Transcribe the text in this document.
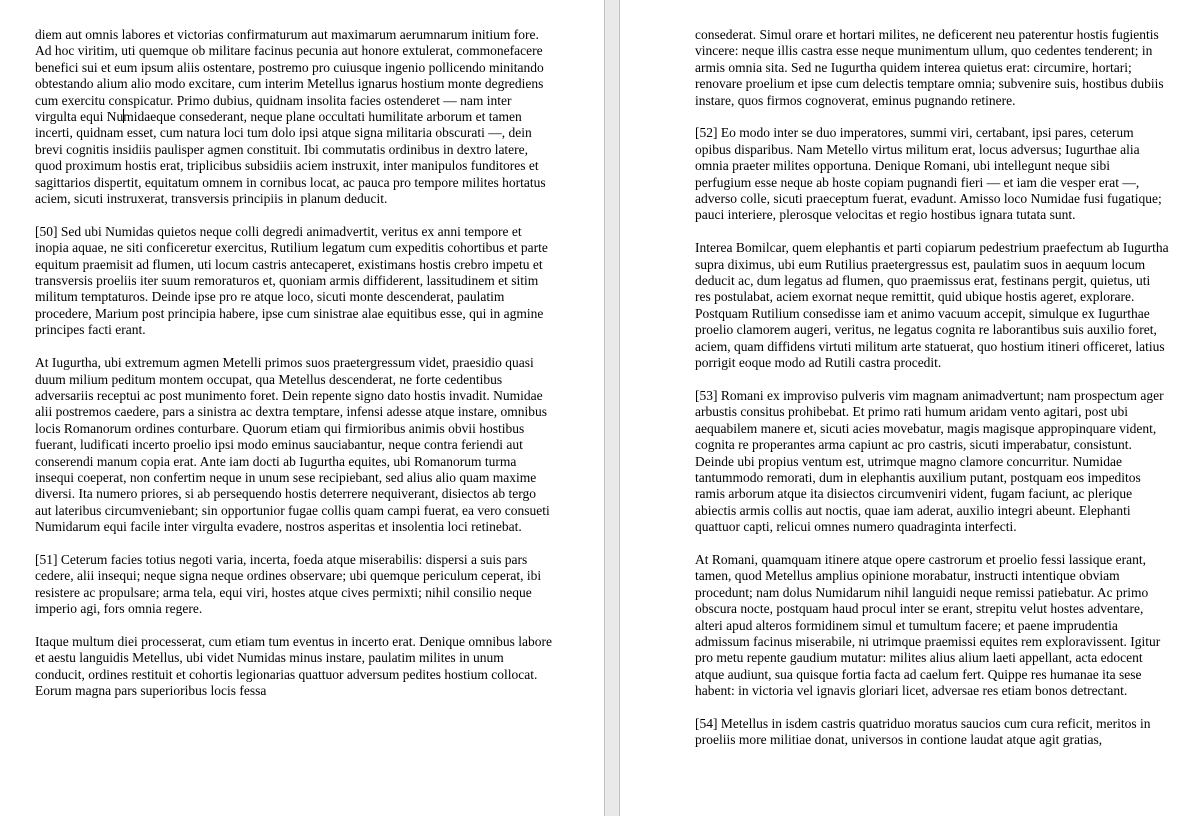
diem aut omnis labores et victorias confirmaturum aut maximarum aerumnarum initium fore. Ad hoc viritim, uti quemque ob militare facinus pecunia aut honore extulerat, commonefacere benefici sui et eum ipsum aliis ostentare, postremo pro cuiusque ingenio pollicendo minitando obtestando alium alio modo excitare, cum interim Metellus ignarus hostium monte degrediens cum exercitu conspicatur. Primo dubius, quidnam insolita facies ostenderet — nam inter virgulta equi Numidaeque consederant, neque plane occultati humilitate arborum et tamen incerti, quidnam esset, cum natura loci tum dolo ipsi atque signa militaria obscurati —, dein brevi cognitis insidiis paulisper agmen constituit. Ibi commutatis ordinibus in dextro latere, quod proximum hostis erat, triplicibus subsidiis aciem instruxit, inter manipulos funditores et sagittarios dispertit, equitatum omnem in cornibus locat, ac pauca pro tempore milites hortatus aciem, sicuti instruxerat, transversis principiis in planum deducit.

[50] Sed ubi Numidas quietos neque colli degredi animadvertit, veritus ex anni tempore et inopia aquae, ne siti conficeretur exercitus, Rutilium legatum cum expeditis cohortibus et parte equitum praemisit ad flumen, uti locum castris antecaperet, existimans hostis crebro impetu et transversis proeliis iter suum remoraturos et, quoniam armis diffiderent, lassitudinem et sitim militum temptaturos. Deinde ipse pro re atque loco, sicuti monte descenderat, paulatim procedere, Marium post principia habere, ipse cum sinistrae alae equitibus esse, qui in agmine principes facti erant.

At Iugurtha, ubi extremum agmen Metelli primos suos praetergressum videt, praesidio quasi duum milium peditum montem occupat, qua Metellus descenderat, ne forte cedentibus adversariis receptui ac post munimento foret. Dein repente signo dato hostis invadit. Numidae alii postremos caedere, pars a sinistra ac dextra temptare, infensi adesse atque instare, omnibus locis Romanorum ordines conturbare. Quorum etiam qui firmioribus animis obvii hostibus fuerant, ludificati incerto proelio ipsi modo eminus sauciabantur, neque contra feriendi aut conserendi manum copia erat. Ante iam docti ab Iugurtha equites, ubi Romanorum turma insequi coeperat, non confertim neque in unum sese recipiebant, sed alius alio quam maxime diversi. Ita numero priores, si ab persequendo hostis deterrere nequiverant, disiectos ab tergo aut lateribus circumveniebant; sin opportunior fugae collis quam campi fuerat, ea vero consueti Numidarum equi facile inter virgulta evadere, nostros asperitas et insolentia loci retinebat.

[51] Ceterum facies totius negoti varia, incerta, foeda atque miserabilis: dispersi a suis pars cedere, alii insequi; neque signa neque ordines observare; ubi quemque periculum ceperat, ibi resistere ac propulsare; arma tela, equi viri, hostes atque cives permixti; nihil consilio neque imperio agi, fors omnia regere.

Itaque multum diei processerat, cum etiam tum eventus in incerto erat. Denique omnibus labore et aestu languidis Metellus, ubi videt Numidas minus instare, paulatim milites in unum conducit, ordines restituit et cohortis legionarias quattuor adversum pedites hostium collocat. Eorum magna pars superioribus locis fessa

consederat. Simul orare et hortari milites, ne deficerent neu paterentur hostis fugientis vincere: neque illis castra esse neque munimentum ullum, quo cedentes tenderent; in armis omnia sita. Sed ne Iugurtha quidem interea quietus erat: circumire, hortari; renovare proelium et ipse cum delectis temptare omnia; subvenire suis, hostibus dubiis instare, quos firmos cognoverat, eminus pugnando retinere.

[52] Eo modo inter se duo imperatores, summi viri, certabant, ipsi pares, ceterum opibus disparibus. Nam Metello virtus militum erat, locus adversus; Iugurthae alia omnia praeter milites opportuna. Denique Romani, ubi intellegunt neque sibi perfugium esse neque ab hoste copiam pugnandi fieri — et iam die vesper erat —, adverso colle, sicuti praeceptum fuerat, evadunt. Amisso loco Numidae fusi fugatique; pauci interiere, plerosque velocitas et regio hostibus ignara tutata sunt.

Interea Bomilcar, quem elephantis et parti copiarum pedestrium praefectum ab Iugurtha supra diximus, ubi eum Rutilius praetergressus est, paulatim suos in aequum locum deducit ac, dum legatus ad flumen, quo praemissus erat, festinans pergit, quietus, uti res postulabat, aciem exornat neque remittit, quid ubique hostis ageret, explorare. Postquam Rutilium consedisse iam et animo vacuum accepit, simulque ex Iugurthae proelio clamorem augeri, veritus, ne legatus cognita re laborantibus suis auxilio foret, aciem, quam diffidens virtuti militum arte statuerat, quo hostium itineri officeret, latius porrigit eoque modo ad Rutili castra procedit.

[53] Romani ex improviso pulveris vim magnam animadvertunt; nam prospectum ager arbustis consitus prohibebat. Et primo rati humum aridam vento agitari, post ubi aequabilem manere et, sicuti acies movebatur, magis magisque appropinquare vident, cognita re properantes arma capiunt ac pro castris, sicuti imperabatur, consistunt. Deinde ubi propius ventum est, utrimque magno clamore concurritur. Numidae tantummodo remorati, dum in elephantis auxilium putant, postquam eos impeditos ramis arborum atque ita disiectos circumveniri vident, fugam faciunt, ac plerique abiectis armis collis aut noctis, quae iam aderat, auxilio integri abeunt. Elephanti quattuor capti, relicui omnes numero quadraginta interfecti.

At Romani, quamquam itinere atque opere castrorum et proelio fessi lassique erant, tamen, quod Metellus amplius opinione morabatur, instructi intentique obviam procedunt; nam dolus Numidarum nihil languidi neque remissi patiebatur. Ac primo obscura nocte, postquam haud procul inter se erant, strepitu velut hostes adventare, alteri apud alteros formidinem simul et tumultum facere; et paene imprudentia admissum facinus miserabile, ni utrimque praemissi equites rem exploravissent. Igitur pro metu repente gaudium mutatur: milites alius alium laeti appellant, acta edocent atque audiunt, sua quisque fortia facta ad caelum fert. Quippe res humanae ita sese habent: in victoria vel ignavis gloriari licet, adversae res etiam bonos detrectant.

[54] Metellus in isdem castris quatriduo moratus saucios cum cura reficit, meritos in proeliis more militiae donat, universos in contione laudat atque agit gratias,
